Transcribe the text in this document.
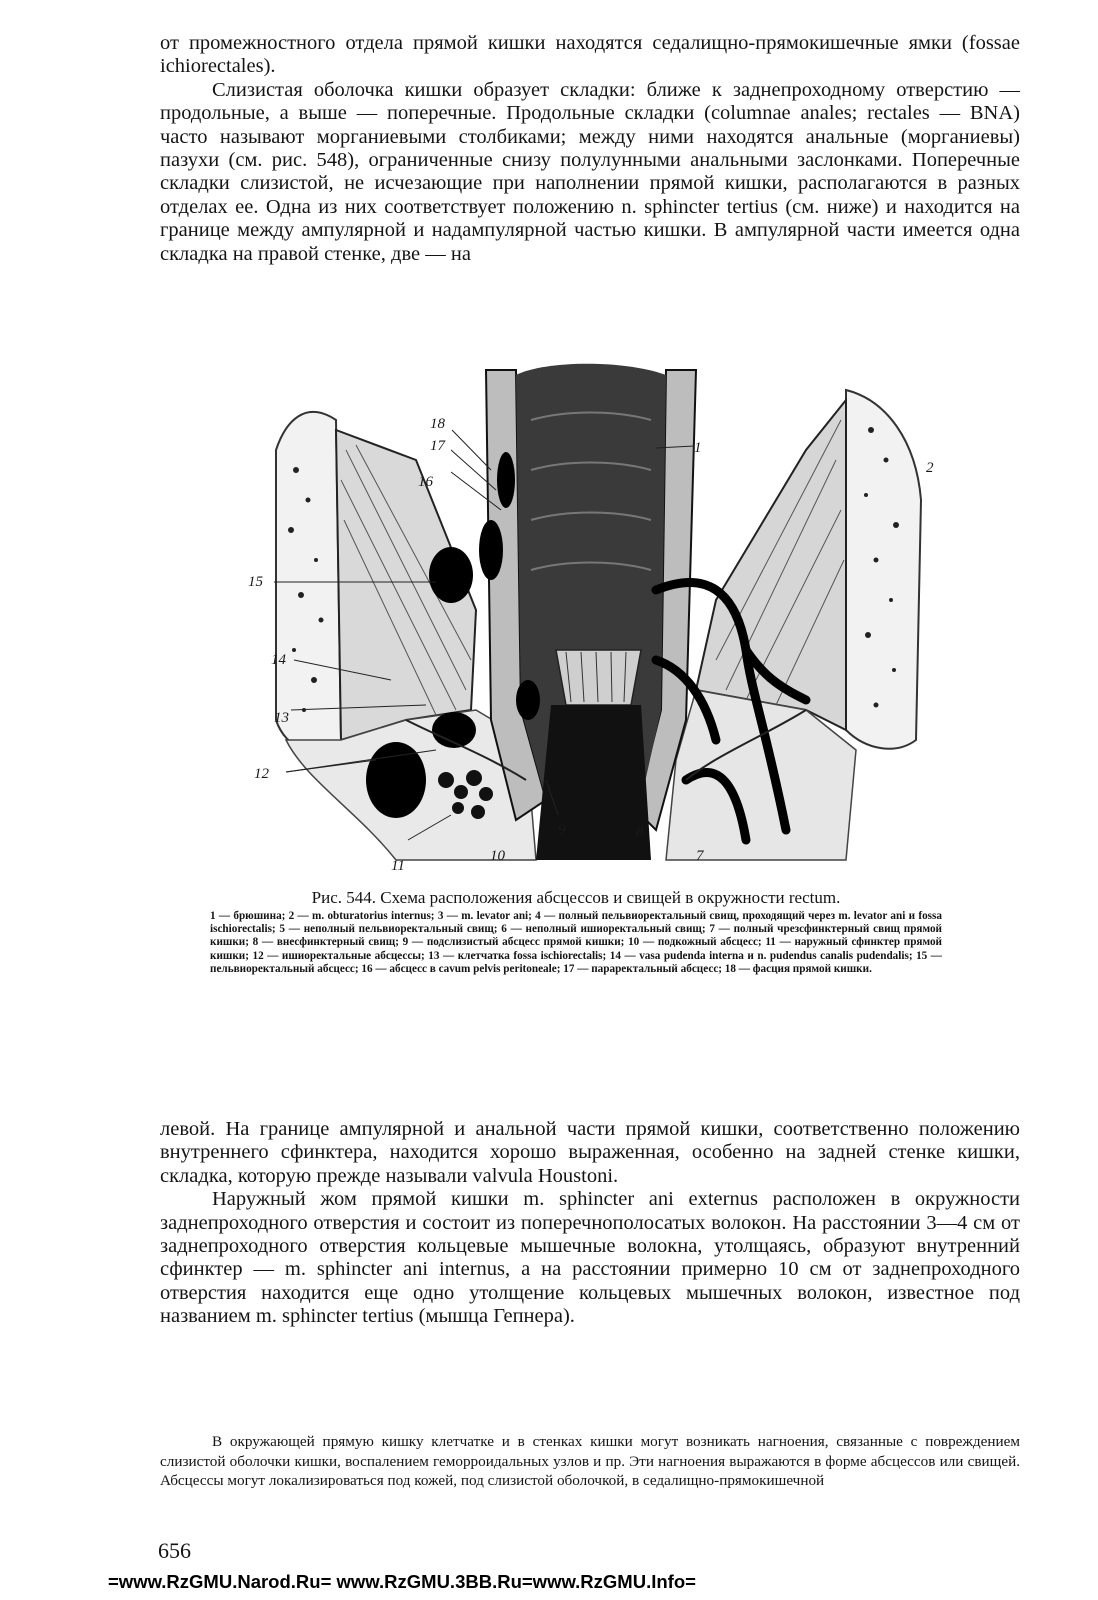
от промежностного отдела прямой кишки находятся седалищно-прямокишечные ямки (fossae ichiorectales).

Слизистая оболочка кишки образует складки: ближе к заднепроходному отверстию — продольные, а выше — поперечные. Продольные складки (columnae anales; rectales — BNA) часто называют морганиевыми столбиками; между ними находятся анальные (морганиевы) пазухи (см. рис. 548), ограниченные снизу полулунными анальными заслонками. Поперечные складки слизистой, не исчезающие при наполнении прямой кишки, располагаются в разных отделах ее. Одна из них соответствует положению n. sphincter tertius (см. ниже) и находится на границе между ампулярной и надампулярной частью кишки. В ампулярной части имеется одна складка на правой стенке, две — на

18
17
16
1
2
15
14
13
12
11
10
9	8
7

Рис. 544. Схема расположения абсцессов и свищей в окружности rectum.

1 — брюшина; 2 — m. obturatorius internus; 3 — m. levator ani; 4 — полный пельвиоректальный свищ, проходящий через m. levator ani и fossa ischiorectalis; 5 — неполный пельвиоректальный свищ; 6 — неполный ишиоректальный свищ; 7 — полный чрезсфинктерный свищ прямой кишки; 8 — внесфинктерный свищ; 9 — подслизистый абсцесс прямой кишки; 10 — подкожный абсцесс; 11 — наружный сфинктер прямой кишки; 12 — ишиоректальные абсцессы; 13 — клетчатка fossa ischiorectalis; 14 — vasa pudenda interna и n. pudendus canalis pudendalis; 15 — пельвиоректальный абсцесс; 16 — абсцесс в cavum pelvis peritoneale; 17 — параректальный абсцесс; 18 — фасция прямой кишки.

левой. На границе ампулярной и анальной части прямой кишки, соответственно положению внутреннего сфинктера, находится хорошо выраженная, особенно на задней стенке кишки, складка, которую прежде называли valvula Houstoni.

Наружный жом прямой кишки m. sphincter ani externus расположен в окружности заднепроходного отверстия и состоит из поперечнополосатых волокон. На расстоянии 3—4 см от заднепроходного отверстия кольцевые мышечные волокна, утолщаясь, образуют внутренний сфинктер — m. sphincter ani internus, а на расстоянии примерно 10 см от заднепроходного отверстия находится еще одно утолщение кольцевых мышечных волокон, известное под названием m. sphincter tertius (мышца Гепнера).

В окружающей прямую кишку клетчатке и в стенках кишки могут возникать нагноения, связанные с повреждением слизистой оболочки кишки, воспалением геморроидальных узлов и пр. Эти нагноения выражаются в форме абсцессов или свищей. Абсцессы могут локализироваться под кожей, под слизистой оболочкой, в седалищно-прямокишечной

656
=www.RzGMU.Narod.Ru= www.RzGMU.3BB.Ru=www.RzGMU.Info=
